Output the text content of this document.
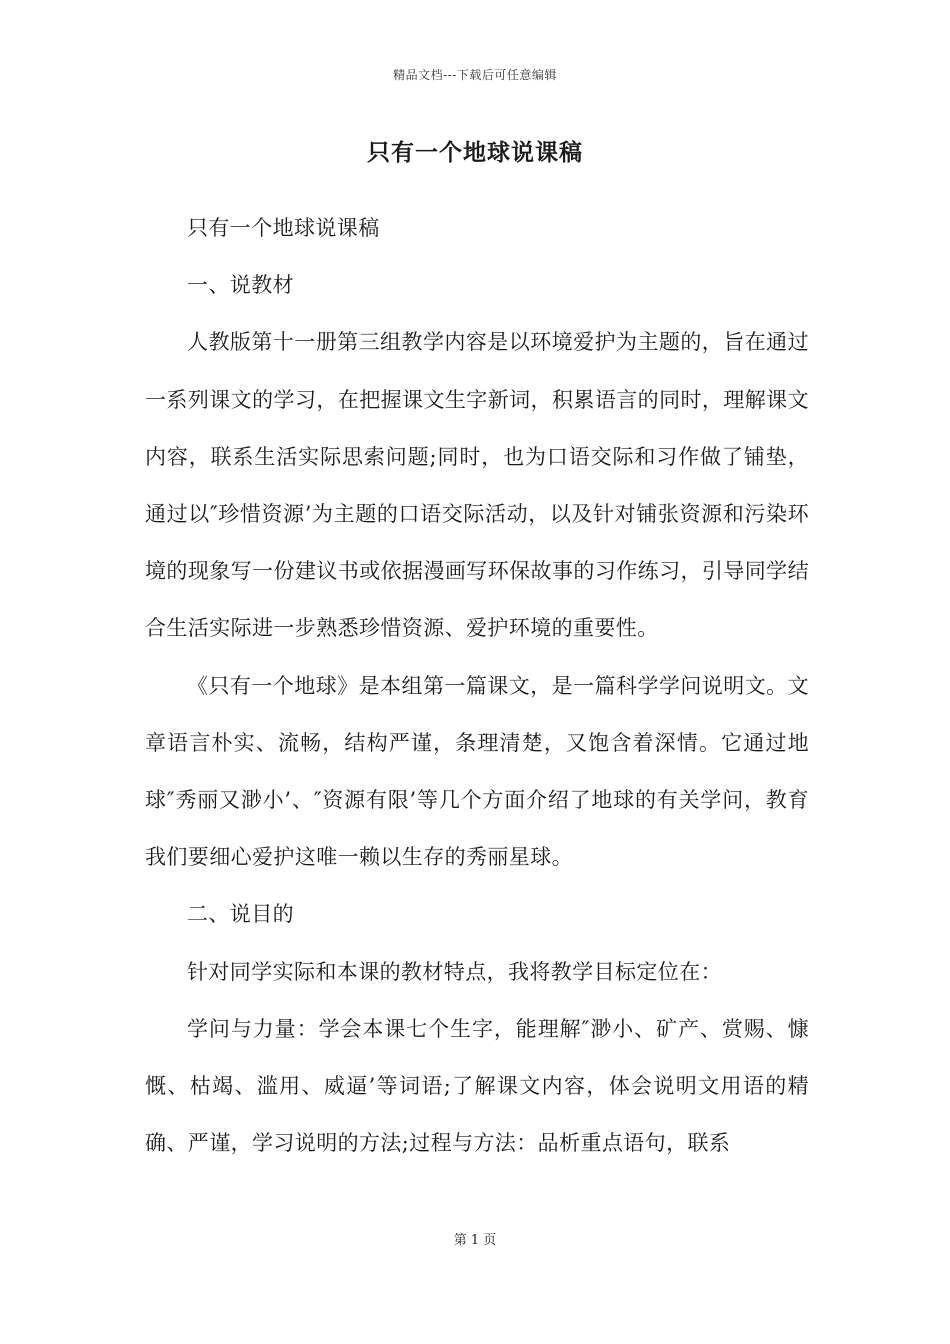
精品文档---下载后可任意编辑
只有一个地球说课稿

只有一个地球说课稿

一、说教材

人教版第十一册第三组教学内容是以环境爱护为主题的，旨在通过一系列课文的学习，在把握课文生字新词，积累语言的同时，理解课文内容，联系生活实际思索问题;同时，也为口语交际和习作做了铺垫，通过以″珍惜资源’为主题的口语交际活动，以及针对铺张资源和污染环境的现象写一份建议书或依据漫画写环保故事的习作练习，引导同学结合生活实际进一步熟悉珍惜资源、爱护环境的重要性。

《只有一个地球》是本组第一篇课文，是一篇科学学问说明文。文章语言朴实、流畅，结构严谨，条理清楚，又饱含着深情。它通过地球″秀丽又渺小’、″资源有限’等几个方面介绍了地球的有关学问，教育我们要细心爱护这唯一赖以生存的秀丽星球。

二、说目的

针对同学实际和本课的教材特点，我将教学目标定位在：

学问与力量：学会本课七个生字，能理解″渺小、矿产、赏赐、慷慨、枯竭、滥用、威逼’等词语;了解课文内容，体会说明文用语的精确、严谨，学习说明的方法;过程与方法：品析重点语句，联系

第 1 页
